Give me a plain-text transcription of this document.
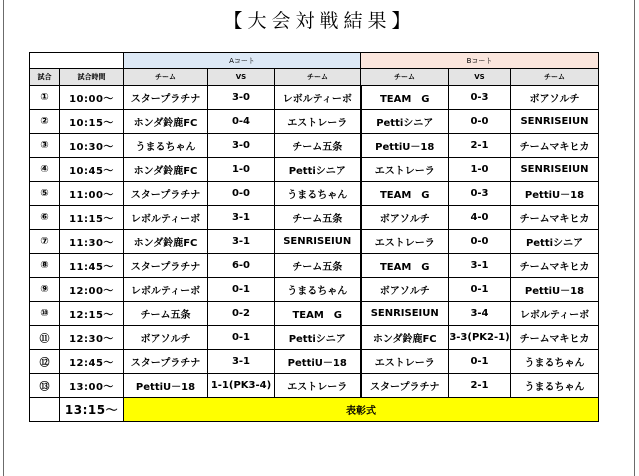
【大会対戦結果】
		Aコート			Bコート		
試合	試合時間	チーム	VS	チーム	チーム	VS	チーム
①	10:00～	スタープラチナ	3-0	レボルティーボ	TEAM　G	0-3	ボアソルチ
②	10:15～	ホンダ鈴鹿FC	0-4	エストレーラ	Pettiシニア	0-0	SENRISEIUN
③	10:30～	うまるちゃん	3-0	チーム五条	PettiU－18	2-1	チームマキヒカ
④	10:45～	ホンダ鈴鹿FC	1-0	Pettiシニア	エストレーラ	1-0	SENRISEIUN
⑤	11:00～	スタープラチナ	0-0	うまるちゃん	TEAM　G	0-3	PettiU－18
⑥	11:15～	レボルティーボ	3-1	チーム五条	ボアソルチ	4-0	チームマキヒカ
⑦	11:30～	ホンダ鈴鹿FC	3-1	SENRISEIUN	エストレーラ	0-0	Pettiシニア
⑧	11:45～	スタープラチナ	6-0	チーム五条	TEAM　G	3-1	チームマキヒカ
⑨	12:00～	レボルティーボ	0-1	うまるちゃん	ボアソルチ	0-1	PettiU－18
⑩	12:15～	チーム五条	0-2	TEAM　G	SENRISEIUN	3-4	レボルティーボ
⑪	12:30～	ボアソルチ	0-1	Pettiシニア	ホンダ鈴鹿FC	3-3(PK2-1)	チームマキヒカ
⑫	12:45～	スタープラチナ	3-1	PettiU－18	エストレーラ	0-1	うまるちゃん
⑬	13:00～	PettiU－18	1-1(PK3-4)	エストレーラ	スタープラチナ	2-1	うまるちゃん
	13:15～	表彰式					
